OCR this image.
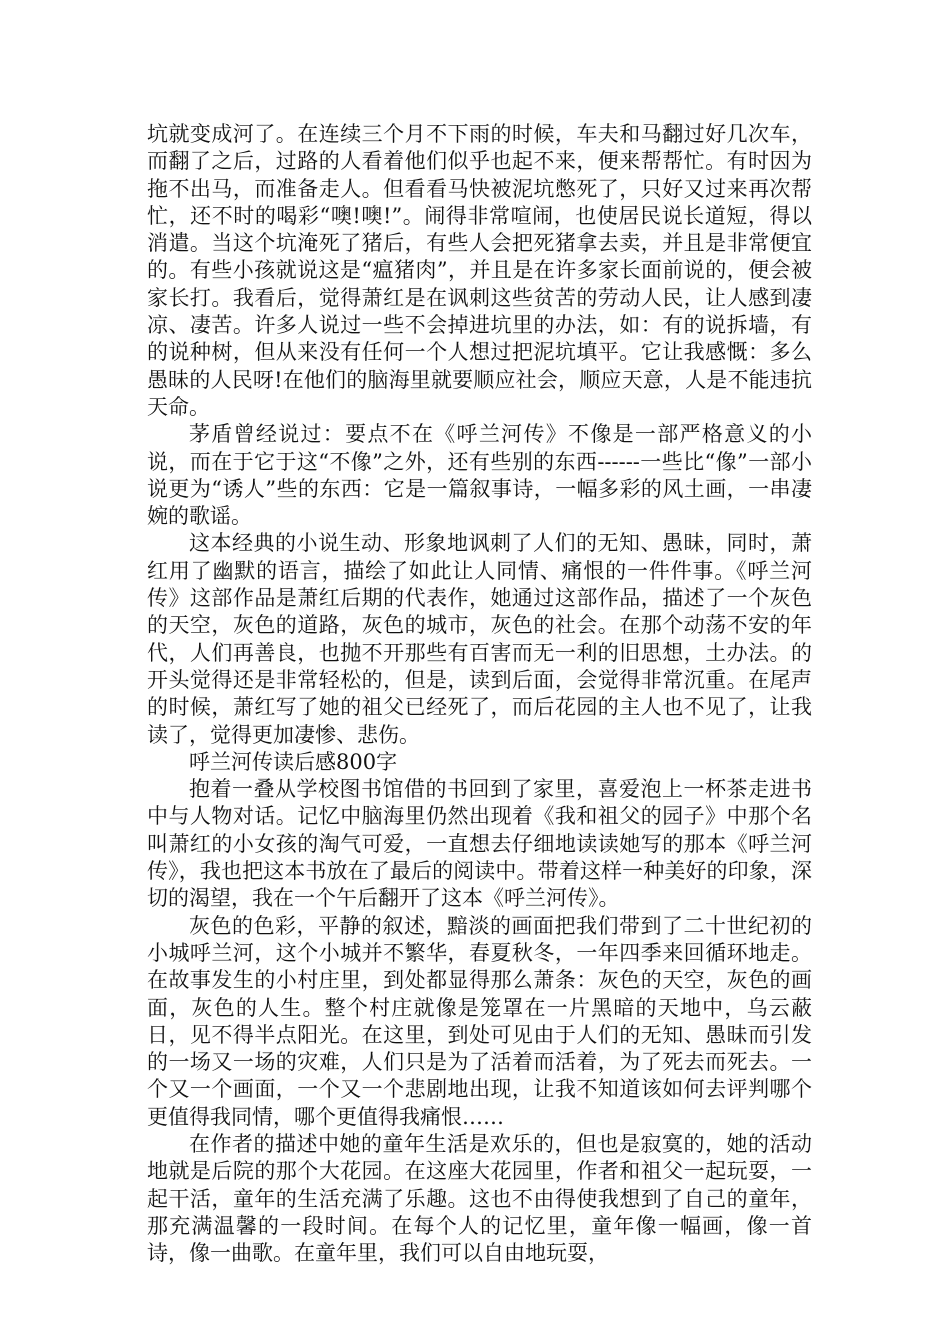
坑就变成河了。在连续三个月不下雨的时候，车夫和马翻过好几次车，而翻了之后，过路的人看着他们似乎也起不来，便来帮帮忙。有时因为拖不出马，而准备走人。但看看马快被泥坑憋死了，只好又过来再次帮忙，还不时的喝彩“噢!噢!”。闹得非常喧闹，也使居民说长道短，得以消遣。当这个坑淹死了猪后，有些人会把死猪拿去卖，并且是非常便宜的。有些小孩就说这是“瘟猪肉”，并且是在许多家长面前说的，便会被家长打。我看后，觉得萧红是在讽刺这些贫苦的劳动人民，让人感到凄凉、凄苦。许多人说过一些不会掉进坑里的办法，如：有的说拆墙，有的说种树，但从来没有任何一个人想过把泥坑填平。它让我感慨：多么愚昧的人民呀!在他们的脑海里就要顺应社会，顺应天意，人是不能违抗天命。

茅盾曾经说过：要点不在《呼兰河传》不像是一部严格意义的小说，而在于它于这“不像”之外，还有些别的东西------一些比“像”一部小说更为“诱人”些的东西：它是一篇叙事诗，一幅多彩的风土画，一串凄婉的歌谣。

这本经典的小说生动、形象地讽刺了人们的无知、愚昧，同时，萧红用了幽默的语言，描绘了如此让人同情、痛恨的一件件事。《呼兰河传》这部作品是萧红后期的代表作，她通过这部作品，描述了一个灰色的天空，灰色的道路，灰色的城市，灰色的社会。在那个动荡不安的年代，人们再善良，也抛不开那些有百害而无一利的旧思想，土办法。的开头觉得还是非常轻松的，但是，读到后面，会觉得非常沉重。在尾声的时候，萧红写了她的祖父已经死了，而后花园的主人也不见了，让我读了，觉得更加凄惨、悲伤。

呼兰河传读后感800字

抱着一叠从学校图书馆借的书回到了家里，喜爱泡上一杯茶走进书中与人物对话。记忆中脑海里仍然出现着《我和祖父的园子》中那个名叫萧红的小女孩的淘气可爱，一直想去仔细地读读她写的那本《呼兰河传》，我也把这本书放在了最后的阅读中。带着这样一种美好的印象，深切的渴望，我在一个午后翻开了这本《呼兰河传》。

灰色的色彩，平静的叙述，黯淡的画面把我们带到了二十世纪初的小城呼兰河，这个小城并不繁华，春夏秋冬，一年四季来回循环地走。在故事发生的小村庄里，到处都显得那么萧条：灰色的天空，灰色的画面，灰色的人生。整个村庄就像是笼罩在一片黑暗的天地中，乌云蔽日，见不得半点阳光。在这里，到处可见由于人们的无知、愚昧而引发的一场又一场的灾难，人们只是为了活着而活着，为了死去而死去。一个又一个画面，一个又一个悲剧地出现，让我不知道该如何去评判哪个更值得我同情，哪个更值得我痛恨……

在作者的描述中她的童年生活是欢乐的，但也是寂寞的，她的活动地就是后院的那个大花园。在这座大花园里，作者和祖父一起玩耍，一起干活，童年的生活充满了乐趣。这也不由得使我想到了自己的童年，那充满温馨的一段时间。在每个人的记忆里，童年像一幅画，像一首诗，像一曲歌。在童年里，我们可以自由地玩耍，
